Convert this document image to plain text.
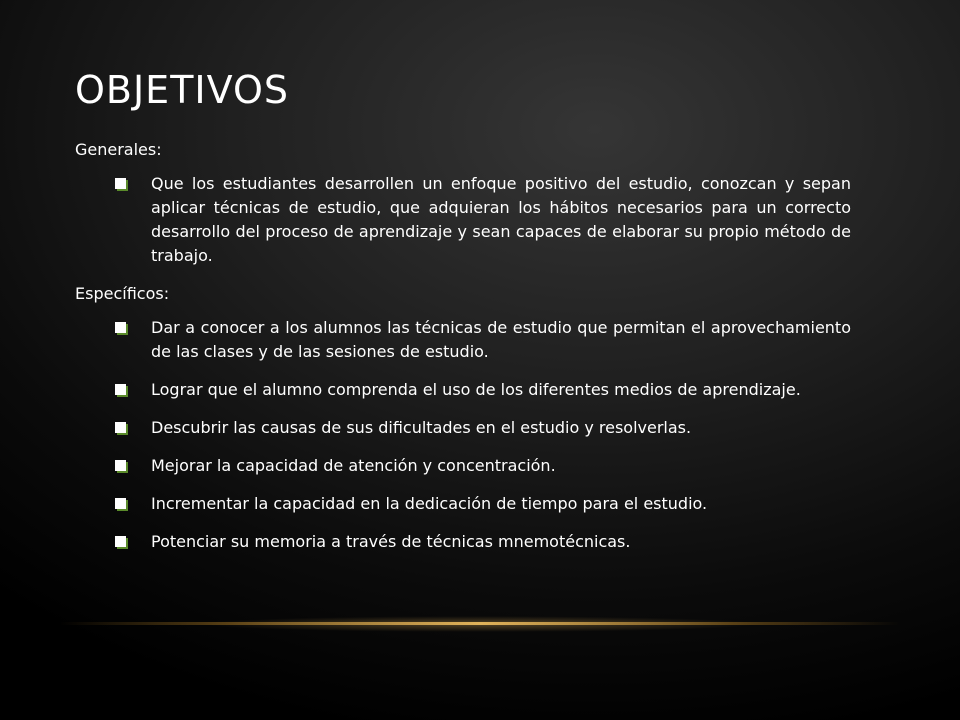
OBJETIVOS
Generales:
Que los estudiantes desarrollen un enfoque positivo del estudio, conozcan y sepan aplicar técnicas de estudio, que adquieran los hábitos necesarios para un correcto desarrollo del proceso de aprendizaje y sean capaces de elaborar su propio método de trabajo.
Específicos:
Dar a conocer a los alumnos las técnicas de estudio que permitan el aprovechamiento de las clases y de las sesiones de estudio.
Lograr que el alumno comprenda el uso de los diferentes medios de aprendizaje.
Descubrir las causas de sus dificultades en el estudio y resolverlas.
Mejorar la capacidad de atención y concentración.
Incrementar la capacidad en la dedicación de tiempo para el estudio.
Potenciar su memoria a través de técnicas mnemotécnicas.
